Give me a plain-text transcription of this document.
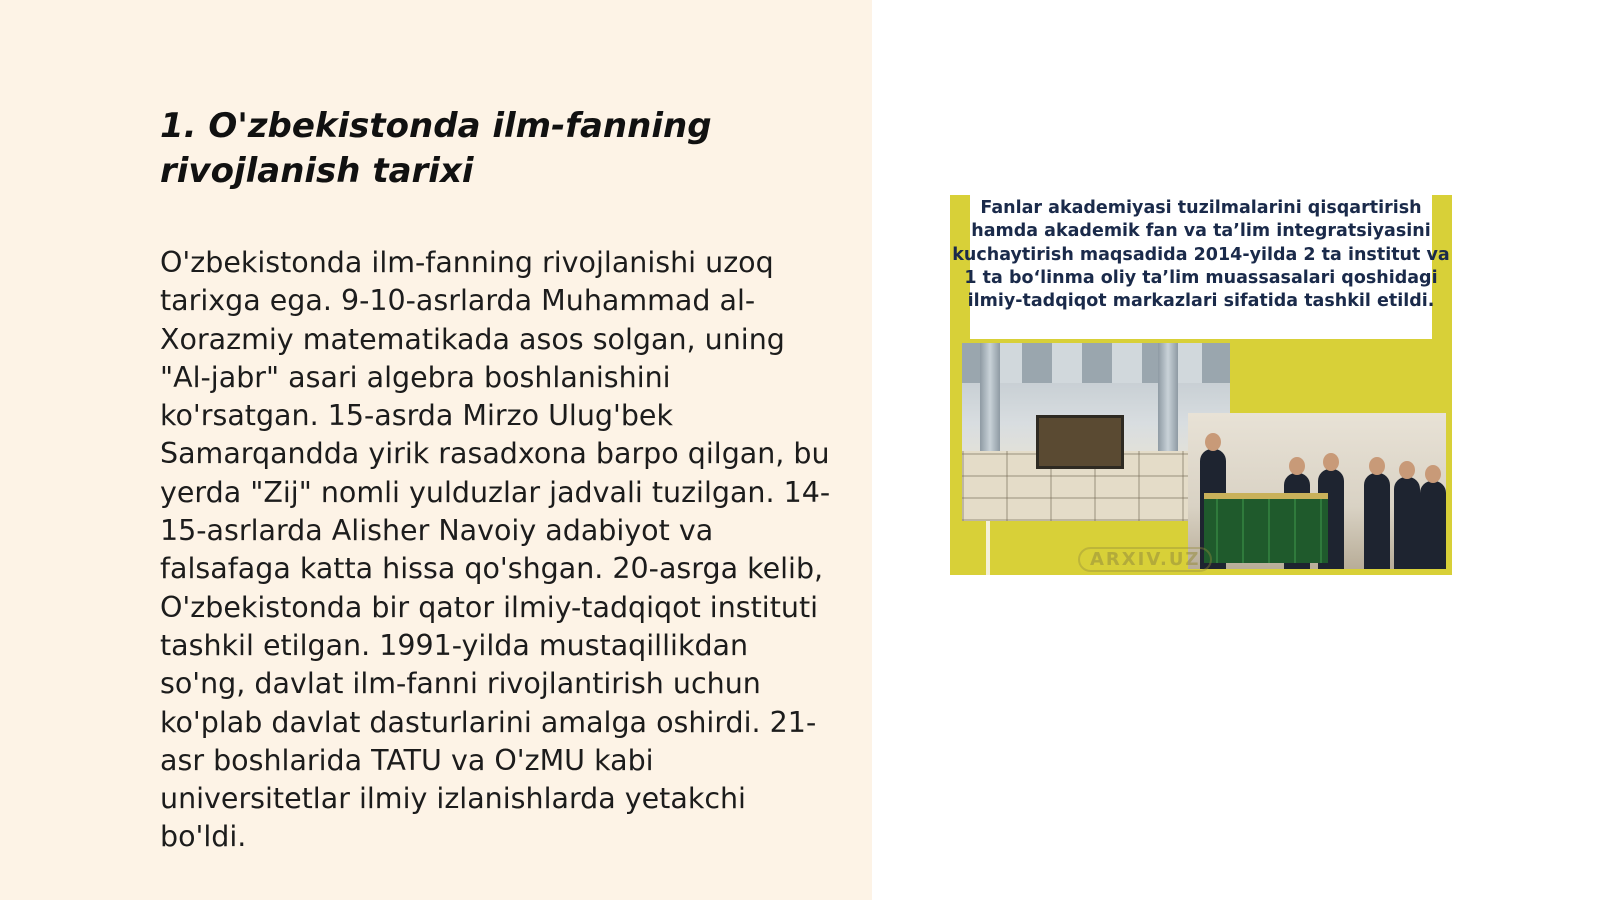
1. O'zbekistonda ilm-fanning rivojlanish tarixi

O'zbekistonda ilm-fanning rivojlanishi uzoq tarixga ega. 9-10-asrlarda Muhammad al-Xorazmiy matematikada asos solgan, uning "Al-jabr" asari algebra boshlanishini ko'rsatgan. 15-asrda Mirzo Ulug'bek Samarqandda yirik rasadxona barpo qilgan, bu yerda "Zij" nomli yulduzlar jadvali tuzilgan. 14-15-asrlarda Alisher Navoiy adabiyot va falsafaga katta hissa qo'shgan. 20-asrga kelib, O'zbekistonda bir qator ilmiy-tadqiqot instituti tashkil etilgan. 1991-yilda mustaqillikdan so'ng, davlat ilm-fanni rivojlantirish uchun ko'plab davlat dasturlarini amalga oshirdi. 21-asr boshlarida TATU va O'zMU kabi universitetlar ilmiy izlanishlarda yetakchi bo'ldi.

Fanlar akademiyasi tuzilmalarini qisqartirish hamda akademik fan va ta’lim integratsiyasini kuchaytirish maqsadida 2014-yilda 2 ta institut va 1 ta bo‘linma oliy ta’lim muassasalari qoshidagi ilmiy-tadqiqot markazlari sifatida tashkil etildi.

ARXIV.UZ
